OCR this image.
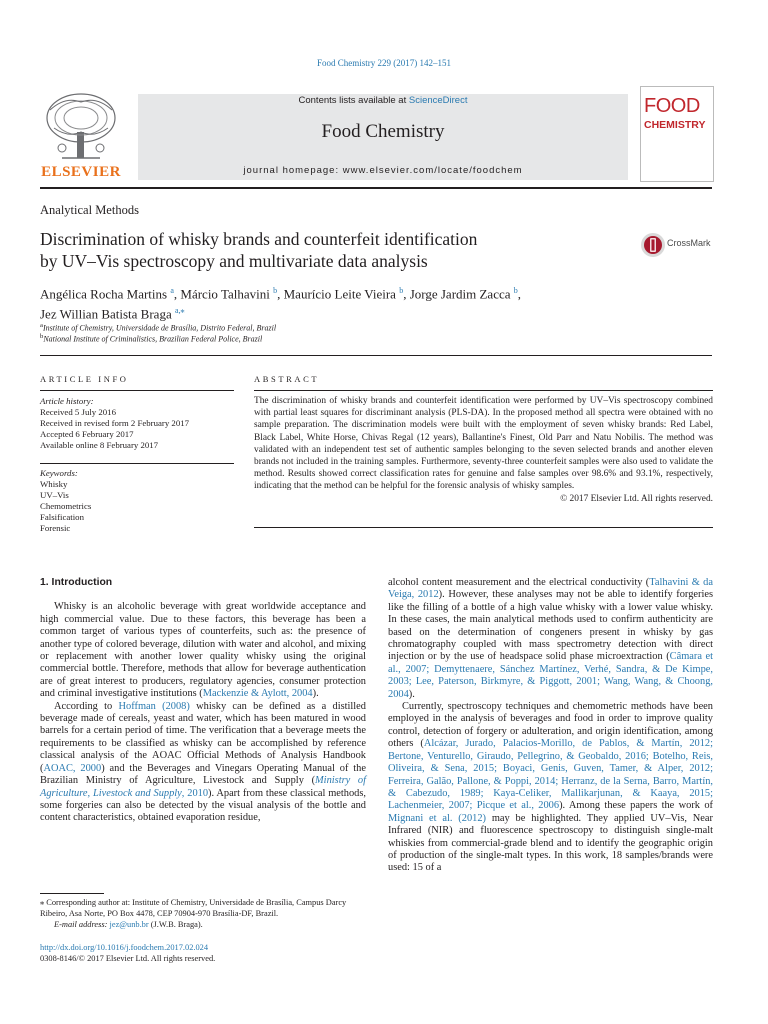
Food Chemistry 229 (2017) 142–151
ELSEVIER
Contents lists available at ScienceDirect
Food Chemistry
journal homepage: www.elsevier.com/locate/foodchem
FOOD
CHEMISTRY
Analytical Methods
Discrimination of whisky brands and counterfeit identification
by UV–Vis spectroscopy and multivariate data analysis
CrossMark
Angélica Rocha Martins $^a$, Márcio Talhavini $^b$, Maurício Leite Vieira $^b$, Jorge Jardim Zacca $^b$,
Jez Willian Batista Braga $^{a,⁎}$
$^a$Institute of Chemistry, Universidade de Brasília, Distrito Federal, Brazil
$^b$National Institute of Criminalistics, Brazilian Federal Police, Brazil
ARTICLE INFO
Article history:
Received 5 July 2016
Received in revised form 2 February 2017
Accepted 6 February 2017
Available online 8 February 2017
Keywords:
Whisky
UV–Vis
Chemometrics
Falsification
Forensic
ABSTRACT
The discrimination of whisky brands and counterfeit identification were performed by UV–Vis spectroscopy combined with partial least squares for discriminant analysis (PLS-DA). In the proposed method all spectra were obtained with no sample preparation. The discrimination models were built with the employment of seven whisky brands: Red Label, Black Label, White Horse, Chivas Regal (12 years), Ballantine's Finest, Old Parr and Natu Nobilis. The method was validated with an independent test set of authentic samples belonging to the seven selected brands and another eleven brands not included in the training samples. Furthermore, seventy-three counterfeit samples were also used to validate the method. Results showed correct classification rates for genuine and false samples over 98.6% and 93.1%, respectively, indicating that the method can be helpful for the forensic analysis of whisky samples.
© 2017 Elsevier Ltd. All rights reserved.
1. Introduction

Whisky is an alcoholic beverage with great worldwide acceptance and high commercial value. Due to these factors, this beverage has been a common target of various types of counterfeits, such as: the presence of another type of colored beverage, dilution with water and alcohol, and mixing or replacement with another lower quality whisky using the original commercial bottle. Therefore, methods that allow for beverage authentication are of great interest to producers, regulatory agencies, consumer protection and criminal investigative institutions (Mackenzie & Aylott, 2004).

According to Hoffman (2008) whisky can be defined as a distilled beverage made of cereals, yeast and water, which has been matured in wood barrels for a certain period of time. The verification that a beverage meets the requirements to be classified as whisky can be accomplished by reference classical analysis of the AOAC Official Methods of Analysis Handbook (AOAC, 2000) and the Beverages and Vinegars Operating Manual of the Brazilian Ministry of Agriculture, Livestock and Supply (Ministry of Agriculture, Livestock and Supply, 2010). Apart from these classical methods, some forgeries can also be detected by the visual analysis of the bottle and content characteristics, obtained evaporation residue,

⁎ Corresponding author at: Institute of Chemistry, Universidade de Brasília, Campus Darcy Ribeiro, Asa Norte, PO Box 4478, CEP 70904-970 Brasília-DF, Brazil.
E-mail address: jez@unb.br (J.W.B. Braga).
http://dx.doi.org/10.1016/j.foodchem.2017.02.024
0308-8146/© 2017 Elsevier Ltd. All rights reserved.

alcohol content measurement and the electrical conductivity (Talhavini & da Veiga, 2012). However, these analyses may not be able to identify forgeries like the filling of a bottle of a high value whisky with a lower value whisky. In these cases, the main analytical methods used to confirm authenticity are based on the determination of congeners present in whisky by gas chromatography coupled with mass spectrometry detection with direct injection or by the use of headspace solid phase microextraction (Câmara et al., 2007; Demyttenaere, Sánchez Martínez, Verhé, Sandra, & De Kimpe, 2003; Lee, Paterson, Birkmyre, & Piggott, 2001; Wang, Wang, & Choong, 2004).

Currently, spectroscopy techniques and chemometric methods have been employed in the analysis of beverages and food in order to improve quality control, detection of forgery or adulteration, and origin identification, among others (Alcázar, Jurado, Palacios-Morillo, de Pablos, & Martín, 2012; Bertone, Venturello, Giraudo, Pellegrino, & Geobaldo, 2016; Botelho, Reis, Oliveira, & Sena, 2015; Boyaci, Genis, Guven, Tamer, & Alper, 2012; Ferreira, Galão, Pallone, & Poppi, 2014; Herranz, de la Serna, Barro, Martín, & Cabezudo, 1989; Kaya-Celiker, Mallikarjunan, & Kaaya, 2015; Lachenmeier, 2007; Picque et al., 2006). Among these papers the work of Mignani et al. (2012) may be highlighted. They applied UV–Vis, Near Infrared (NIR) and fluorescence spectroscopy to distinguish single-malt whiskies from commercial-grade blend and to identify the geographic origin of production of the single-malt types. In this work, 18 samples/brands were used: 15 of a
